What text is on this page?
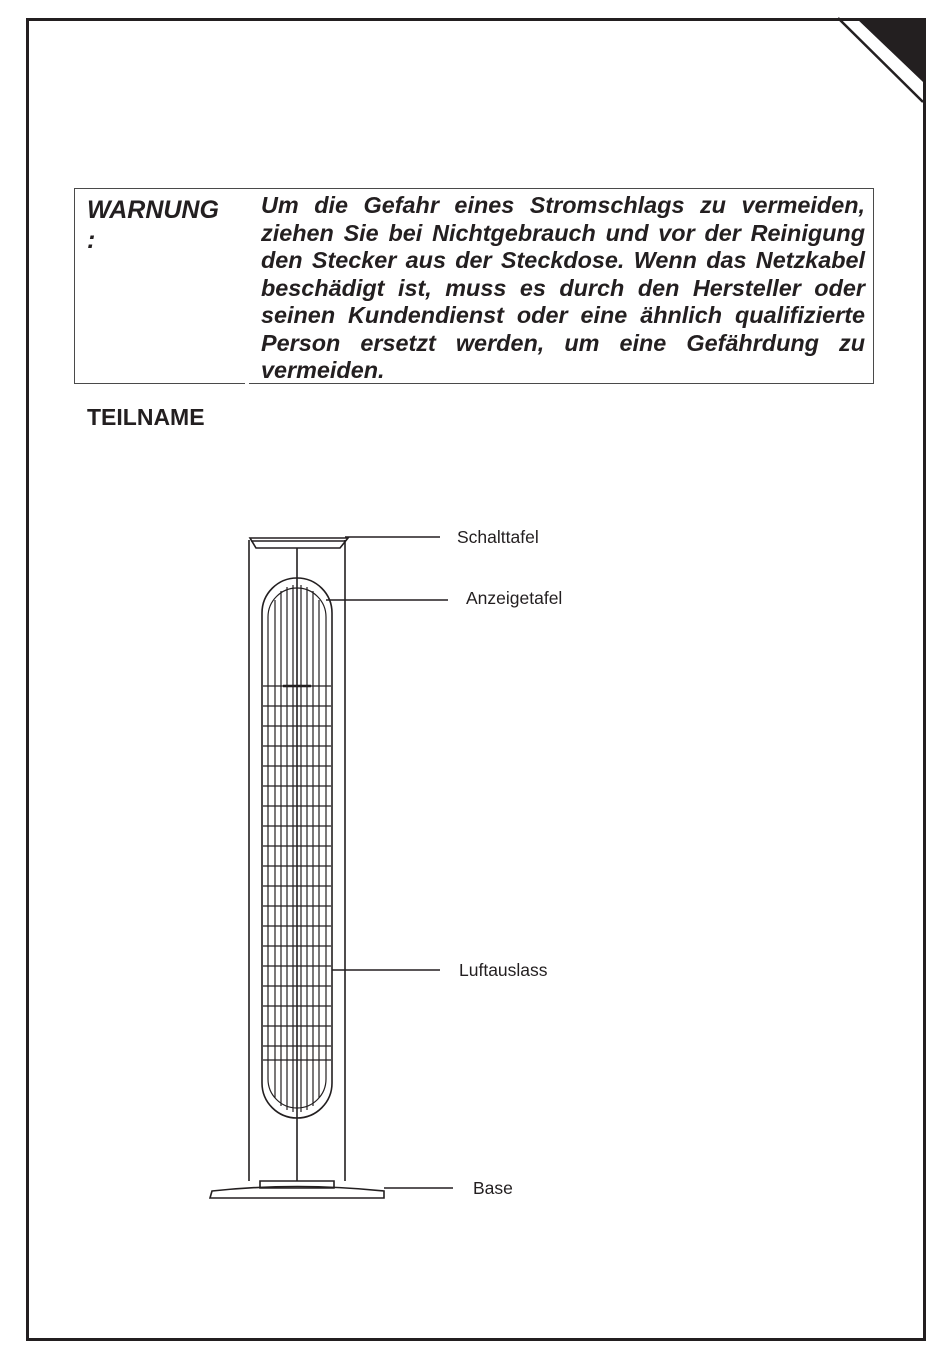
WARNUNG
:
Um die Gefahr eines Stromschlags zu vermeiden, ziehen Sie bei Nichtgebrauch und vor der Reinigung den Stecker aus der Steckdose. Wenn das Netzkabel beschädigt ist, muss es durch den Hersteller oder seinen Kundendienst oder eine ähnlich qualifizierte Person ersetzt werden, um eine Gefährdung zu vermeiden.
TEILNAME
Schalttafel
Anzeigetafel
Luftauslass
Base
